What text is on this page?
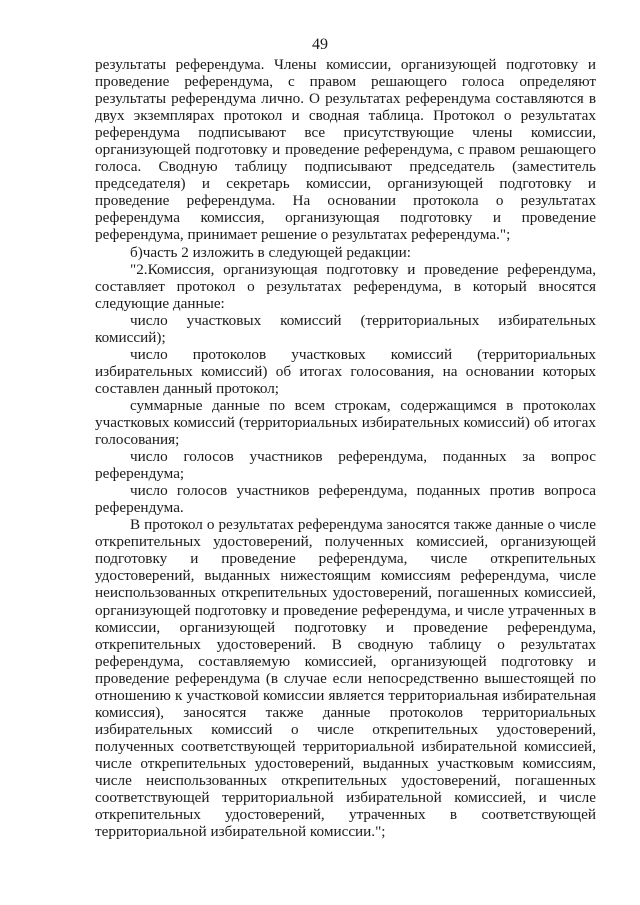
49

результаты референдума. Члены комиссии, организующей подготовку и проведение референдума, с правом решающего голоса определяют результаты референдума лично. О результатах референдума составляются в двух экземплярах протокол и сводная таблица. Протокол о результатах референдума подписывают все присутствующие члены комиссии, организующей подготовку и проведение референдума, с правом решающего голоса. Сводную таблицу подписывают председатель (заместитель председателя) и секретарь комиссии, организующей подготовку и проведение референдума. На основании протокола о результатах референдума комиссия, организующая подготовку и проведение референдума, принимает решение о результатах референдума.";

б)часть 2 изложить в следующей редакции:

"2.Комиссия, организующая подготовку и проведение референдума, составляет протокол о результатах референдума, в который вносятся следующие данные:

число участковых комиссий (территориальных избирательных комиссий);

число протоколов участковых комиссий (территориальных избирательных комиссий) об итогах голосования, на основании которых составлен данный протокол;

суммарные данные по всем строкам, содержащимся в протоколах участковых комиссий (территориальных избирательных комиссий) об итогах голосования;

число голосов участников референдума, поданных за вопрос референдума;

число голосов участников референдума, поданных против вопроса референдума.

В протокол о результатах референдума заносятся также данные о числе открепительных удостоверений, полученных комиссией, организующей подготовку и проведение референдума, числе открепительных удостоверений, выданных нижестоящим комиссиям референдума, числе неиспользованных открепительных удостоверений, погашенных комиссией, организующей подготовку и проведение референдума, и числе утраченных в комиссии, организующей подготовку и проведение референдума, открепительных удостоверений. В сводную таблицу о результатах референдума, составляемую комиссией, организующей подготовку и проведение референдума (в случае если непосредственно вышестоящей по отношению к участковой комиссии является территориальная избирательная комиссия), заносятся также данные протоколов территориальных избирательных комиссий о числе открепительных удостоверений, полученных соответствующей территориальной избирательной комиссией, числе открепительных удостоверений, выданных участковым комиссиям, числе неиспользованных открепительных удостоверений, погашенных соответствующей территориальной избирательной комиссией, и числе открепительных удостоверений, утраченных в соответствующей территориальной избирательной комиссии.";
